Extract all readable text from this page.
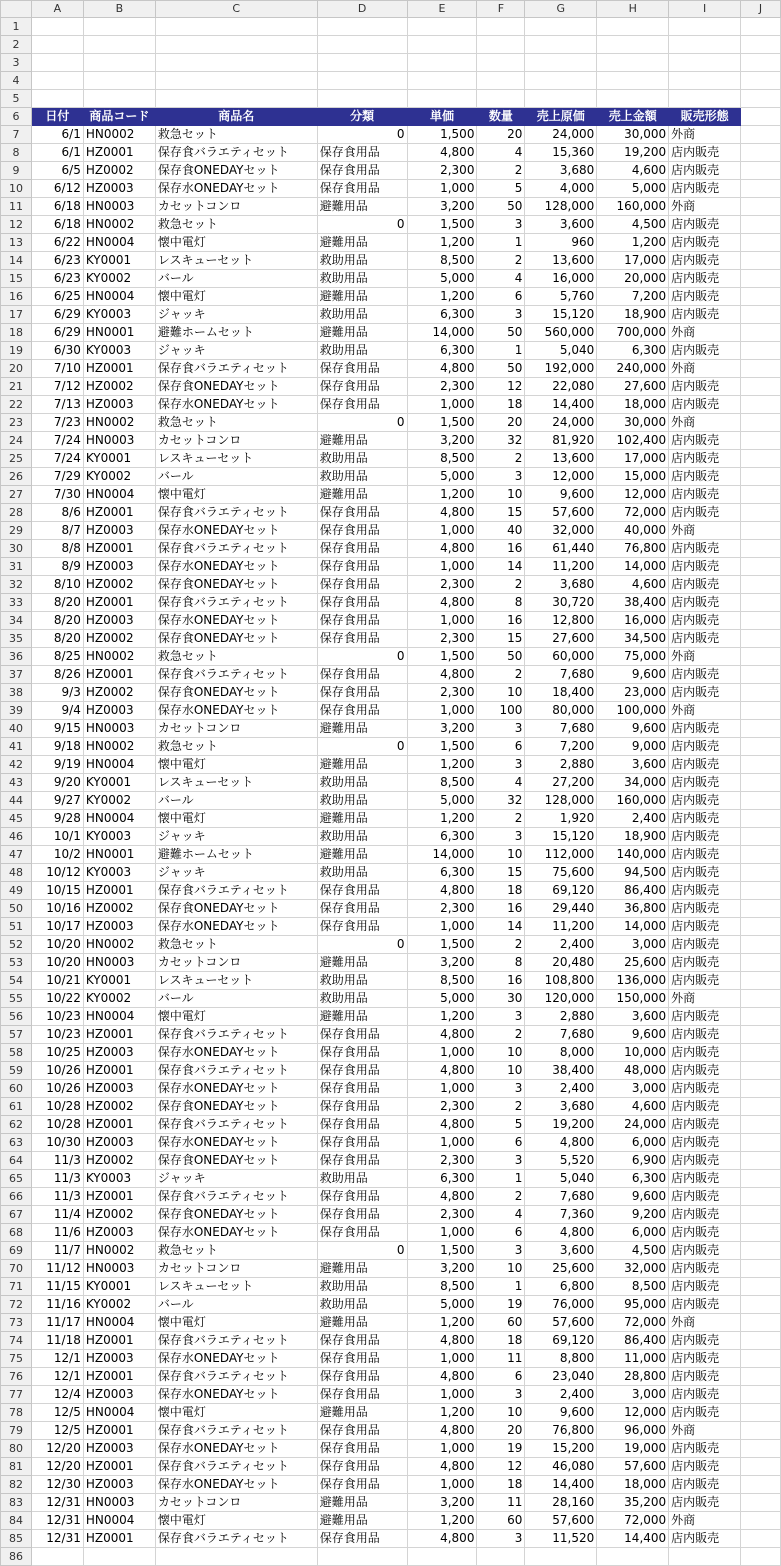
	A	B	C	D	E	F	G	H	I	J
1										
2										
3										
4										
5										
6	日付	商品コード	商品名	分類	単価	数量	売上原価	売上金額	販売形態	
7	6/1	HN0002	救急セット	0	1,500	20	24,000	30,000	外商	
8	6/1	HZ0001	保存食バラエティセット	保存食用品	4,800	4	15,360	19,200	店内販売	
9	6/5	HZ0002	保存食ONEDAYセット	保存食用品	2,300	2	3,680	4,600	店内販売	
10	6/12	HZ0003	保存水ONEDAYセット	保存食用品	1,000	5	4,000	5,000	店内販売	
11	6/18	HN0003	カセットコンロ	避難用品	3,200	50	128,000	160,000	外商	
12	6/18	HN0002	救急セット	0	1,500	3	3,600	4,500	店内販売	
13	6/22	HN0004	懐中電灯	避難用品	1,200	1	960	1,200	店内販売	
14	6/23	KY0001	レスキューセット	救助用品	8,500	2	13,600	17,000	店内販売	
15	6/23	KY0002	バール	救助用品	5,000	4	16,000	20,000	店内販売	
16	6/25	HN0004	懐中電灯	避難用品	1,200	6	5,760	7,200	店内販売	
17	6/29	KY0003	ジャッキ	救助用品	6,300	3	15,120	18,900	店内販売	
18	6/29	HN0001	避難ホームセット	避難用品	14,000	50	560,000	700,000	外商	
19	6/30	KY0003	ジャッキ	救助用品	6,300	1	5,040	6,300	店内販売	
20	7/10	HZ0001	保存食バラエティセット	保存食用品	4,800	50	192,000	240,000	外商	
21	7/12	HZ0002	保存食ONEDAYセット	保存食用品	2,300	12	22,080	27,600	店内販売	
22	7/13	HZ0003	保存水ONEDAYセット	保存食用品	1,000	18	14,400	18,000	店内販売	
23	7/23	HN0002	救急セット	0	1,500	20	24,000	30,000	外商	
24	7/24	HN0003	カセットコンロ	避難用品	3,200	32	81,920	102,400	店内販売	
25	7/24	KY0001	レスキューセット	救助用品	8,500	2	13,600	17,000	店内販売	
26	7/29	KY0002	バール	救助用品	5,000	3	12,000	15,000	店内販売	
27	7/30	HN0004	懐中電灯	避難用品	1,200	10	9,600	12,000	店内販売	
28	8/6	HZ0001	保存食バラエティセット	保存食用品	4,800	15	57,600	72,000	店内販売	
29	8/7	HZ0003	保存水ONEDAYセット	保存食用品	1,000	40	32,000	40,000	外商	
30	8/8	HZ0001	保存食バラエティセット	保存食用品	4,800	16	61,440	76,800	店内販売	
31	8/9	HZ0003	保存水ONEDAYセット	保存食用品	1,000	14	11,200	14,000	店内販売	
32	8/10	HZ0002	保存食ONEDAYセット	保存食用品	2,300	2	3,680	4,600	店内販売	
33	8/20	HZ0001	保存食バラエティセット	保存食用品	4,800	8	30,720	38,400	店内販売	
34	8/20	HZ0003	保存水ONEDAYセット	保存食用品	1,000	16	12,800	16,000	店内販売	
35	8/20	HZ0002	保存食ONEDAYセット	保存食用品	2,300	15	27,600	34,500	店内販売	
36	8/25	HN0002	救急セット	0	1,500	50	60,000	75,000	外商	
37	8/26	HZ0001	保存食バラエティセット	保存食用品	4,800	2	7,680	9,600	店内販売	
38	9/3	HZ0002	保存食ONEDAYセット	保存食用品	2,300	10	18,400	23,000	店内販売	
39	9/4	HZ0003	保存水ONEDAYセット	保存食用品	1,000	100	80,000	100,000	外商	
40	9/15	HN0003	カセットコンロ	避難用品	3,200	3	7,680	9,600	店内販売	
41	9/18	HN0002	救急セット	0	1,500	6	7,200	9,000	店内販売	
42	9/19	HN0004	懐中電灯	避難用品	1,200	3	2,880	3,600	店内販売	
43	9/20	KY0001	レスキューセット	救助用品	8,500	4	27,200	34,000	店内販売	
44	9/27	KY0002	バール	救助用品	5,000	32	128,000	160,000	店内販売	
45	9/28	HN0004	懐中電灯	避難用品	1,200	2	1,920	2,400	店内販売	
46	10/1	KY0003	ジャッキ	救助用品	6,300	3	15,120	18,900	店内販売	
47	10/2	HN0001	避難ホームセット	避難用品	14,000	10	112,000	140,000	店内販売	
48	10/12	KY0003	ジャッキ	救助用品	6,300	15	75,600	94,500	店内販売	
49	10/15	HZ0001	保存食バラエティセット	保存食用品	4,800	18	69,120	86,400	店内販売	
50	10/16	HZ0002	保存食ONEDAYセット	保存食用品	2,300	16	29,440	36,800	店内販売	
51	10/17	HZ0003	保存水ONEDAYセット	保存食用品	1,000	14	11,200	14,000	店内販売	
52	10/20	HN0002	救急セット	0	1,500	2	2,400	3,000	店内販売	
53	10/20	HN0003	カセットコンロ	避難用品	3,200	8	20,480	25,600	店内販売	
54	10/21	KY0001	レスキューセット	救助用品	8,500	16	108,800	136,000	店内販売	
55	10/22	KY0002	バール	救助用品	5,000	30	120,000	150,000	外商	
56	10/23	HN0004	懐中電灯	避難用品	1,200	3	2,880	3,600	店内販売	
57	10/23	HZ0001	保存食バラエティセット	保存食用品	4,800	2	7,680	9,600	店内販売	
58	10/25	HZ0003	保存水ONEDAYセット	保存食用品	1,000	10	8,000	10,000	店内販売	
59	10/26	HZ0001	保存食バラエティセット	保存食用品	4,800	10	38,400	48,000	店内販売	
60	10/26	HZ0003	保存水ONEDAYセット	保存食用品	1,000	3	2,400	3,000	店内販売	
61	10/28	HZ0002	保存食ONEDAYセット	保存食用品	2,300	2	3,680	4,600	店内販売	
62	10/28	HZ0001	保存食バラエティセット	保存食用品	4,800	5	19,200	24,000	店内販売	
63	10/30	HZ0003	保存水ONEDAYセット	保存食用品	1,000	6	4,800	6,000	店内販売	
64	11/3	HZ0002	保存食ONEDAYセット	保存食用品	2,300	3	5,520	6,900	店内販売	
65	11/3	KY0003	ジャッキ	救助用品	6,300	1	5,040	6,300	店内販売	
66	11/3	HZ0001	保存食バラエティセット	保存食用品	4,800	2	7,680	9,600	店内販売	
67	11/4	HZ0002	保存食ONEDAYセット	保存食用品	2,300	4	7,360	9,200	店内販売	
68	11/6	HZ0003	保存水ONEDAYセット	保存食用品	1,000	6	4,800	6,000	店内販売	
69	11/7	HN0002	救急セット	0	1,500	3	3,600	4,500	店内販売	
70	11/12	HN0003	カセットコンロ	避難用品	3,200	10	25,600	32,000	店内販売	
71	11/15	KY0001	レスキューセット	救助用品	8,500	1	6,800	8,500	店内販売	
72	11/16	KY0002	バール	救助用品	5,000	19	76,000	95,000	店内販売	
73	11/17	HN0004	懐中電灯	避難用品	1,200	60	57,600	72,000	外商	
74	11/18	HZ0001	保存食バラエティセット	保存食用品	4,800	18	69,120	86,400	店内販売	
75	12/1	HZ0003	保存水ONEDAYセット	保存食用品	1,000	11	8,800	11,000	店内販売	
76	12/1	HZ0001	保存食バラエティセット	保存食用品	4,800	6	23,040	28,800	店内販売	
77	12/4	HZ0003	保存水ONEDAYセット	保存食用品	1,000	3	2,400	3,000	店内販売	
78	12/5	HN0004	懐中電灯	避難用品	1,200	10	9,600	12,000	店内販売	
79	12/5	HZ0001	保存食バラエティセット	保存食用品	4,800	20	76,800	96,000	外商	
80	12/20	HZ0003	保存水ONEDAYセット	保存食用品	1,000	19	15,200	19,000	店内販売	
81	12/20	HZ0001	保存食バラエティセット	保存食用品	4,800	12	46,080	57,600	店内販売	
82	12/30	HZ0003	保存水ONEDAYセット	保存食用品	1,000	18	14,400	18,000	店内販売	
83	12/31	HN0003	カセットコンロ	避難用品	3,200	11	28,160	35,200	店内販売	
84	12/31	HN0004	懐中電灯	避難用品	1,200	60	57,600	72,000	外商	
85	12/31	HZ0001	保存食バラエティセット	保存食用品	4,800	3	11,520	14,400	店内販売	
86										
